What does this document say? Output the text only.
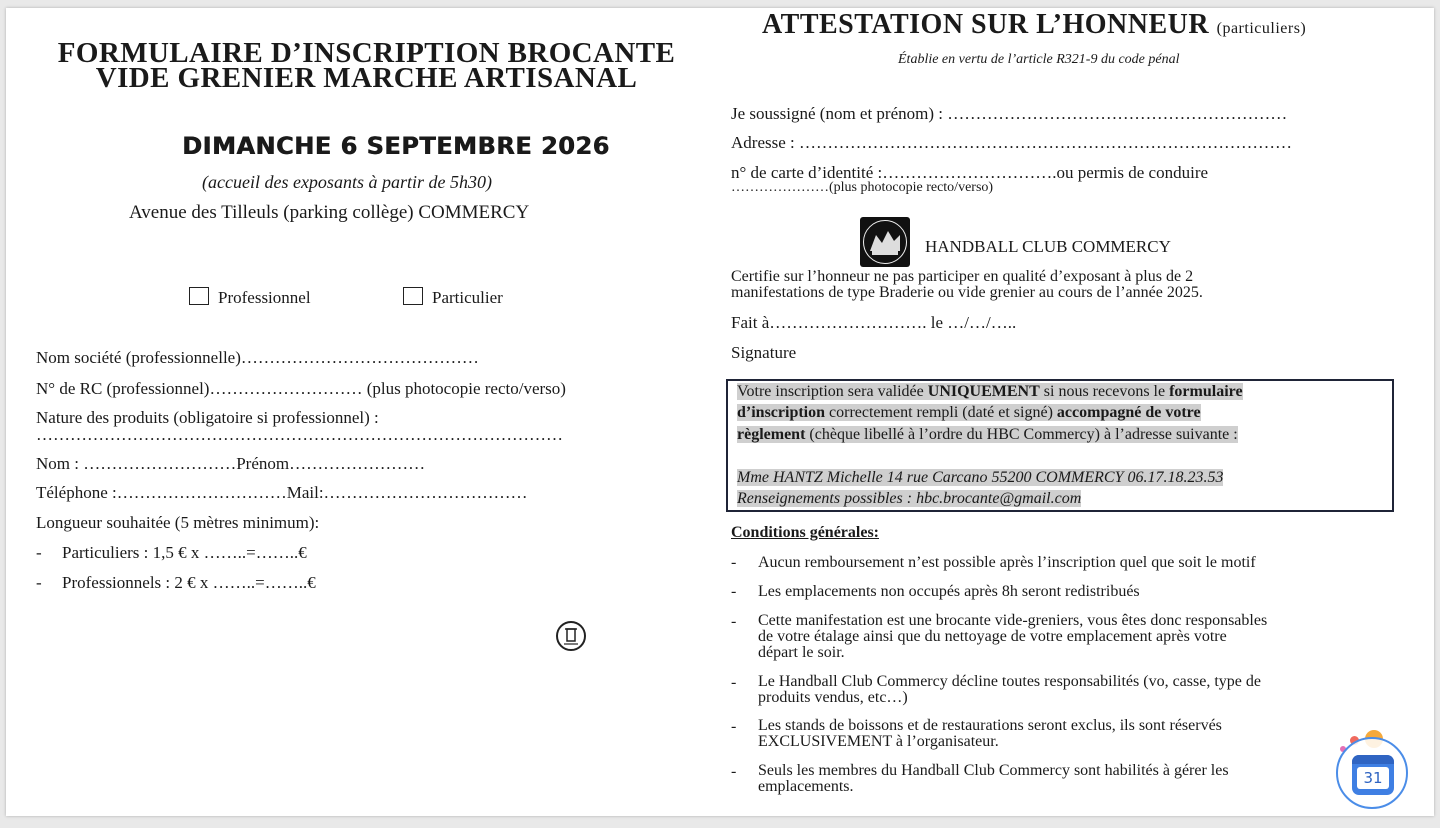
FORMULAIRE D’INSCRIPTION BROCANTE
VIDE GRENIER MARCHE ARTISANAL
DIMANCHE 6 SEPTEMBRE 2026
(accueil des exposants à partir de 5h30)
Avenue des Tilleuls (parking collège) COMMERCY
Professionnel	Particulier
Nom société (professionnelle)……………………………………
N° de RC (professionnel)……………………… (plus photocopie recto/verso)
Nature des produits (obligatoire si professionnel) :
…………………………………………………………………………………
Nom : ………………………Prénom……………………
Téléphone :…………………………Mail:………………………………
Longueur souhaitée (5 mètres minimum):
- Particuliers : 1,5 € x ……..=……..€
- Professionnels : 2 € x ……..=……..€
ATTESTATION SUR L’HONNEUR (particuliers)
Établie en vertu de l’article R321-9 du code pénal
Je soussigné (nom et prénom) : ……………………………………………………
Adresse : ……………………………………………………………………………
n° de carte d’identité :………………………….ou permis de conduire
…………………(plus photocopie recto/verso)
HANDBALL CLUB COMMERCY
Certifie sur l’honneur ne pas participer en qualité d’exposant à plus de 2
manifestations de type Braderie ou vide grenier au cours de l’année 2025.
Fait à………………………. le …/…/…..
Signature
Votre inscription sera validée UNIQUEMENT si nous recevons le formulaire
d’inscription correctement rempli (daté et signé) accompagné de votre
règlement (chèque libellé à l’ordre du HBC Commercy) à l’adresse suivante :
Mme HANTZ Michelle 14 rue Carcano 55200 COMMERCY 06.17.18.23.53
Renseignements possibles : hbc.brocante@gmail.com
Conditions générales:
- Aucun remboursement n’est possible après l’inscription quel que soit le motif
- Les emplacements non occupés après 8h seront redistribués
- Cette manifestation est une brocante vide-greniers, vous êtes donc responsables
de votre étalage ainsi que du nettoyage de votre emplacement après votre
départ le soir.
- Le Handball Club Commercy décline toutes responsabilités (vo, casse, type de
produits vendus, etc…)
- Les stands de boissons et de restaurations seront exclus, ils sont réservés
EXCLUSIVEMENT à l’organisateur.
- Seuls les membres du Handball Club Commercy sont habilités à gérer les
emplacements.	31
